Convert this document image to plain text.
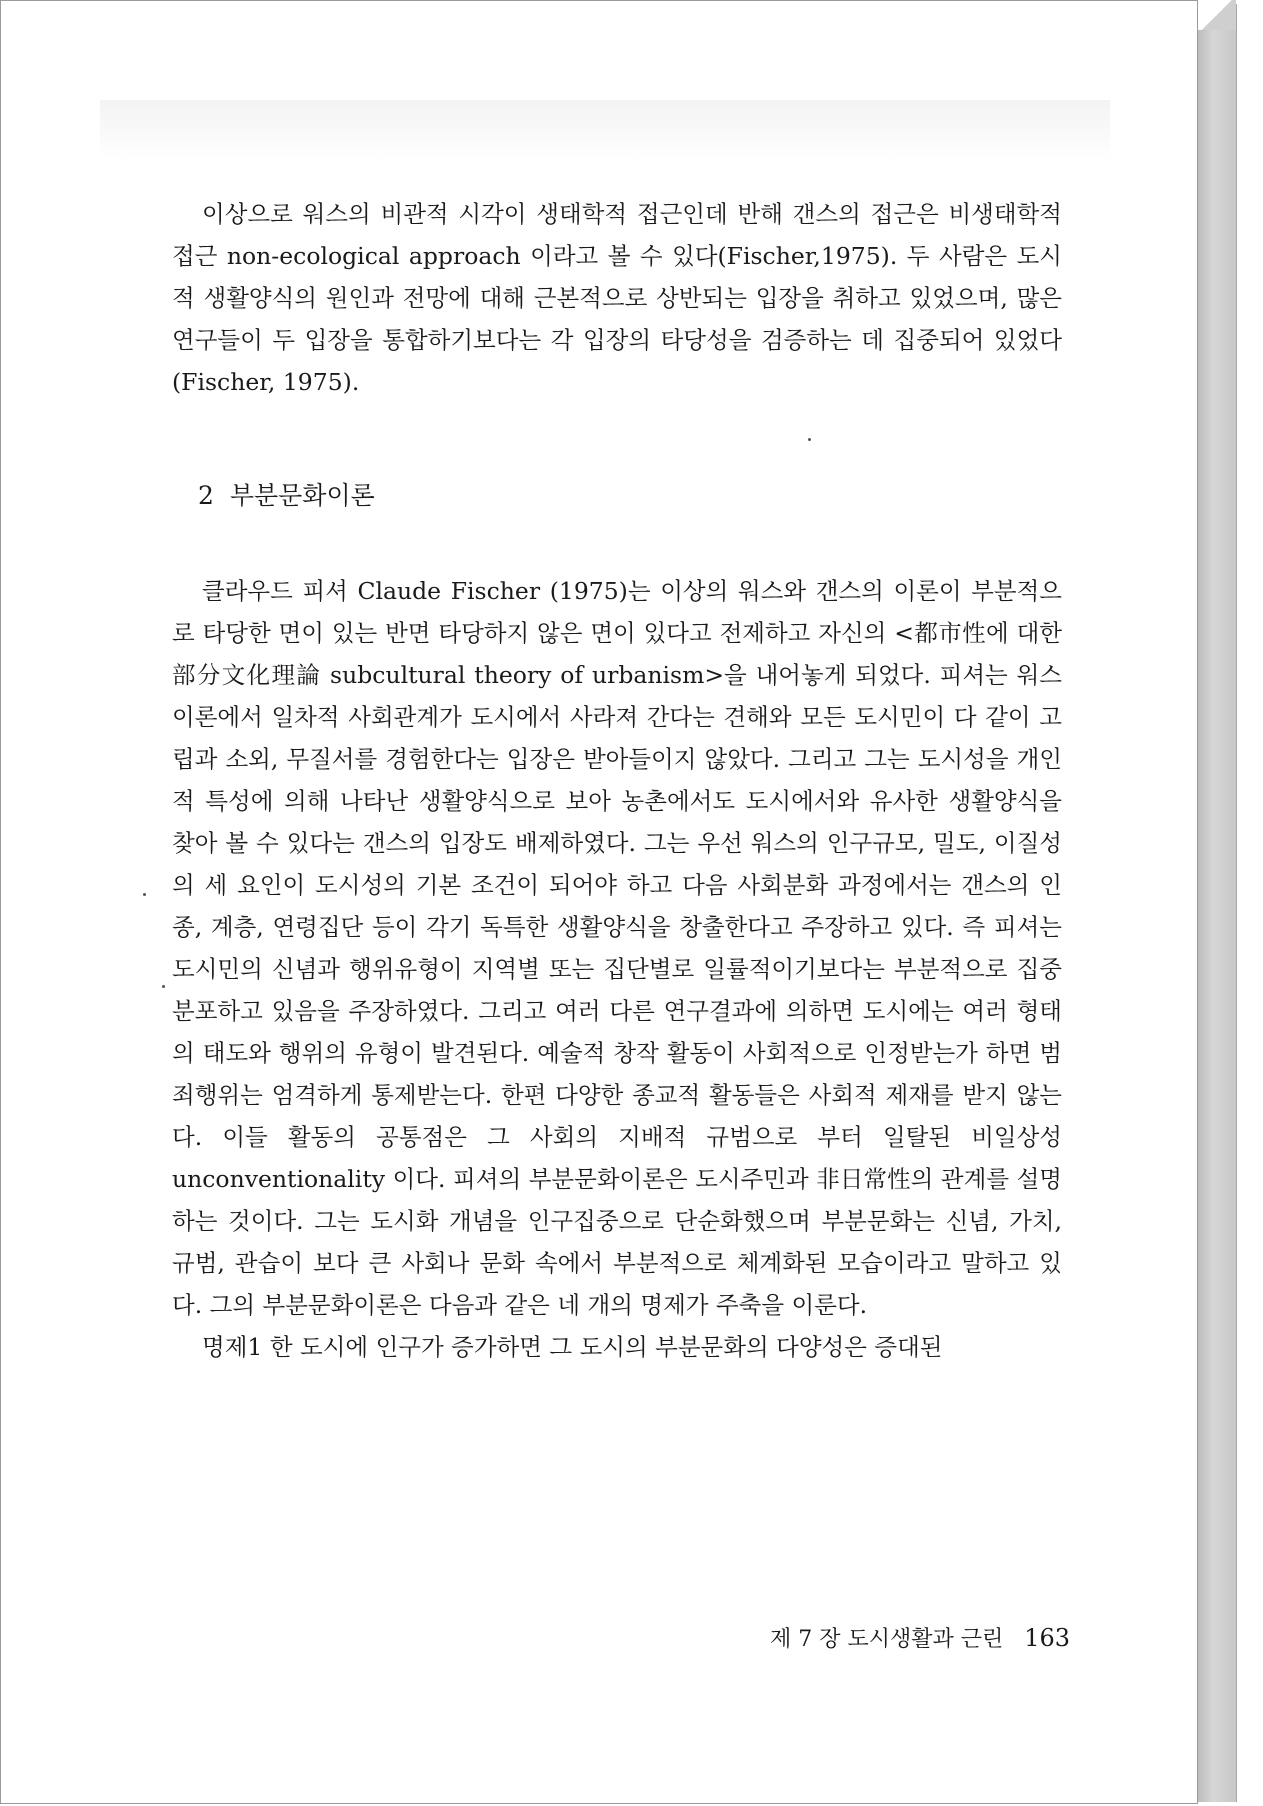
이상으로 워스의 비관적 시각이 생태학적 접근인데 반해 갠스의 접근은 비생태학적 접근 non-ecological approach 이라고 볼 수 있다(Fischer,1975). 두 사람은 도시적 생활양식의 원인과 전망에 대해 근본적으로 상반되는 입장을 취하고 있었으며, 많은 연구들이 두 입장을 통합하기보다는 각 입장의 타당성을 검증하는 데 집중되어 있었다(Fischer, 1975).

2 부분문화이론

클라우드 피셔 Claude Fischer (1975)는 이상의 워스와 갠스의 이론이 부분적으로 타당한 면이 있는 반면 타당하지 않은 면이 있다고 전제하고 자신의 <都市性에 대한 部分文化理論 subcultural theory of urbanism>을 내어놓게 되었다. 피셔는 워스이론에서 일차적 사회관계가 도시에서 사라져 간다는 견해와 모든 도시민이 다 같이 고립과 소외, 무질서를 경험한다는 입장은 받아들이지 않았다. 그리고 그는 도시성을 개인적 특성에 의해 나타난 생활양식으로 보아 농촌에서도 도시에서와 유사한 생활양식을 찾아 볼 수 있다는 갠스의 입장도 배제하였다. 그는 우선 워스의 인구규모, 밀도, 이질성의 세 요인이 도시성의 기본 조건이 되어야 하고 다음 사회분화 과정에서는 갠스의 인종, 계층, 연령집단 등이 각기 독특한 생활양식을 창출한다고 주장하고 있다. 즉 피셔는 도시민의 신념과 행위유형이 지역별 또는 집단별로 일률적이기보다는 부분적으로 집중분포하고 있음을 주장하였다. 그리고 여러 다른 연구결과에 의하면 도시에는 여러 형태의 태도와 행위의 유형이 발견된다. 예술적 창작 활동이 사회적으로 인정받는가 하면 범죄행위는 엄격하게 통제받는다. 한편 다양한 종교적 활동들은 사회적 제재를 받지 않는다. 이들 활동의 공통점은 그 사회의 지배적 규범으로 부터 일탈된 비일상성 unconventionality 이다. 피셔의 부분문화이론은 도시주민과 非日常性의 관계를 설명하는 것이다. 그는 도시화 개념을 인구집중으로 단순화했으며 부분문화는 신념, 가치, 규범, 관습이 보다 큰 사회나 문화 속에서 부분적으로 체계화된 모습이라고 말하고 있다. 그의 부분문화이론은 다음과 같은 네 개의 명제가 주축을 이룬다.

명제1 한 도시에 인구가 증가하면 그 도시의 부분문화의 다양성은 증대된

제 7 장 도시생활과 근린 163
